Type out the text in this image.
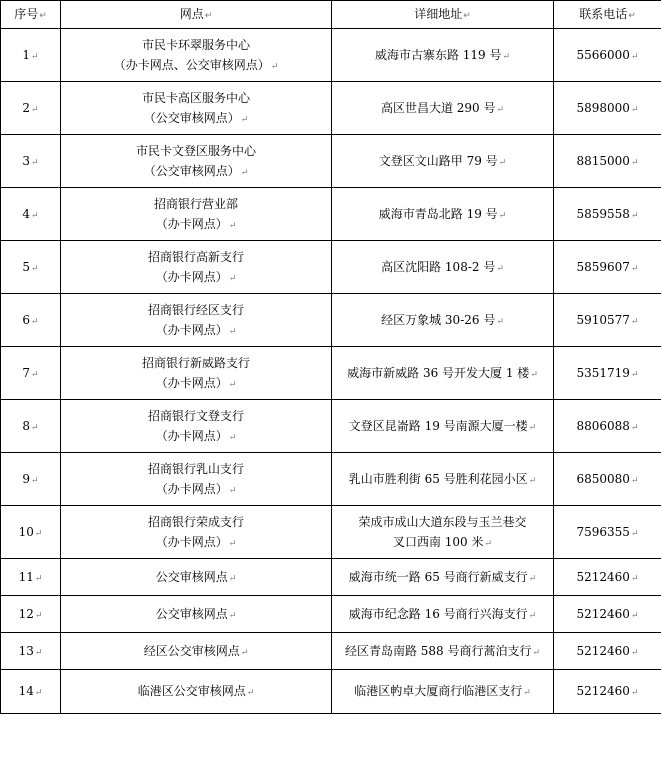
序号↵	网点↵	详细地址↵	联系电话↵
1↵	市民卡环翠服务中心
（办卡网点、公交审核网点）↵	威海市古寨东路 119 号↵	5566000↵
2↵	市民卡高区服务中心
（公交审核网点）↵	高区世昌大道 290 号↵	5898000↵
3↵	市民卡文登区服务中心
（公交审核网点）↵	文登区文山路甲 79 号↵	8815000↵
4↵	招商银行营业部
（办卡网点）↵	威海市青岛北路 19 号↵	5859558↵
5↵	招商银行高新支行
（办卡网点）↵	高区沈阳路 108-2 号↵	5859607↵
6↵	招商银行经区支行
（办卡网点）↵	经区万象城 30-26 号↵	5910577↵
7↵	招商银行新威路支行
（办卡网点）↵	威海市新威路 36 号开发大厦 1 楼↵	5351719↵
8↵	招商银行文登支行
（办卡网点）↵	文登区昆嵛路 19 号南源大厦一楼↵	8806088↵
9↵	招商银行乳山支行
（办卡网点）↵	乳山市胜利街 65 号胜利花园小区↵	6850080↵
10↵	招商银行荣成支行
（办卡网点）↵	荣成市成山大道东段与玉兰巷交
叉口西南 100 米↵	7596355↵
11↵	公交审核网点↵	威海市统一路 65 号商行新威支行↵	5212460↵
12↵	公交审核网点↵	威海市纪念路 16 号商行兴海支行↵	5212460↵
13↵	经区公交审核网点↵	经区青岛南路 588 号商行蒿泊支行↵	5212460↵
14↵	临港区公交审核网点↵	临港区畃卓大厦商行临港区支行↵	5212460↵
